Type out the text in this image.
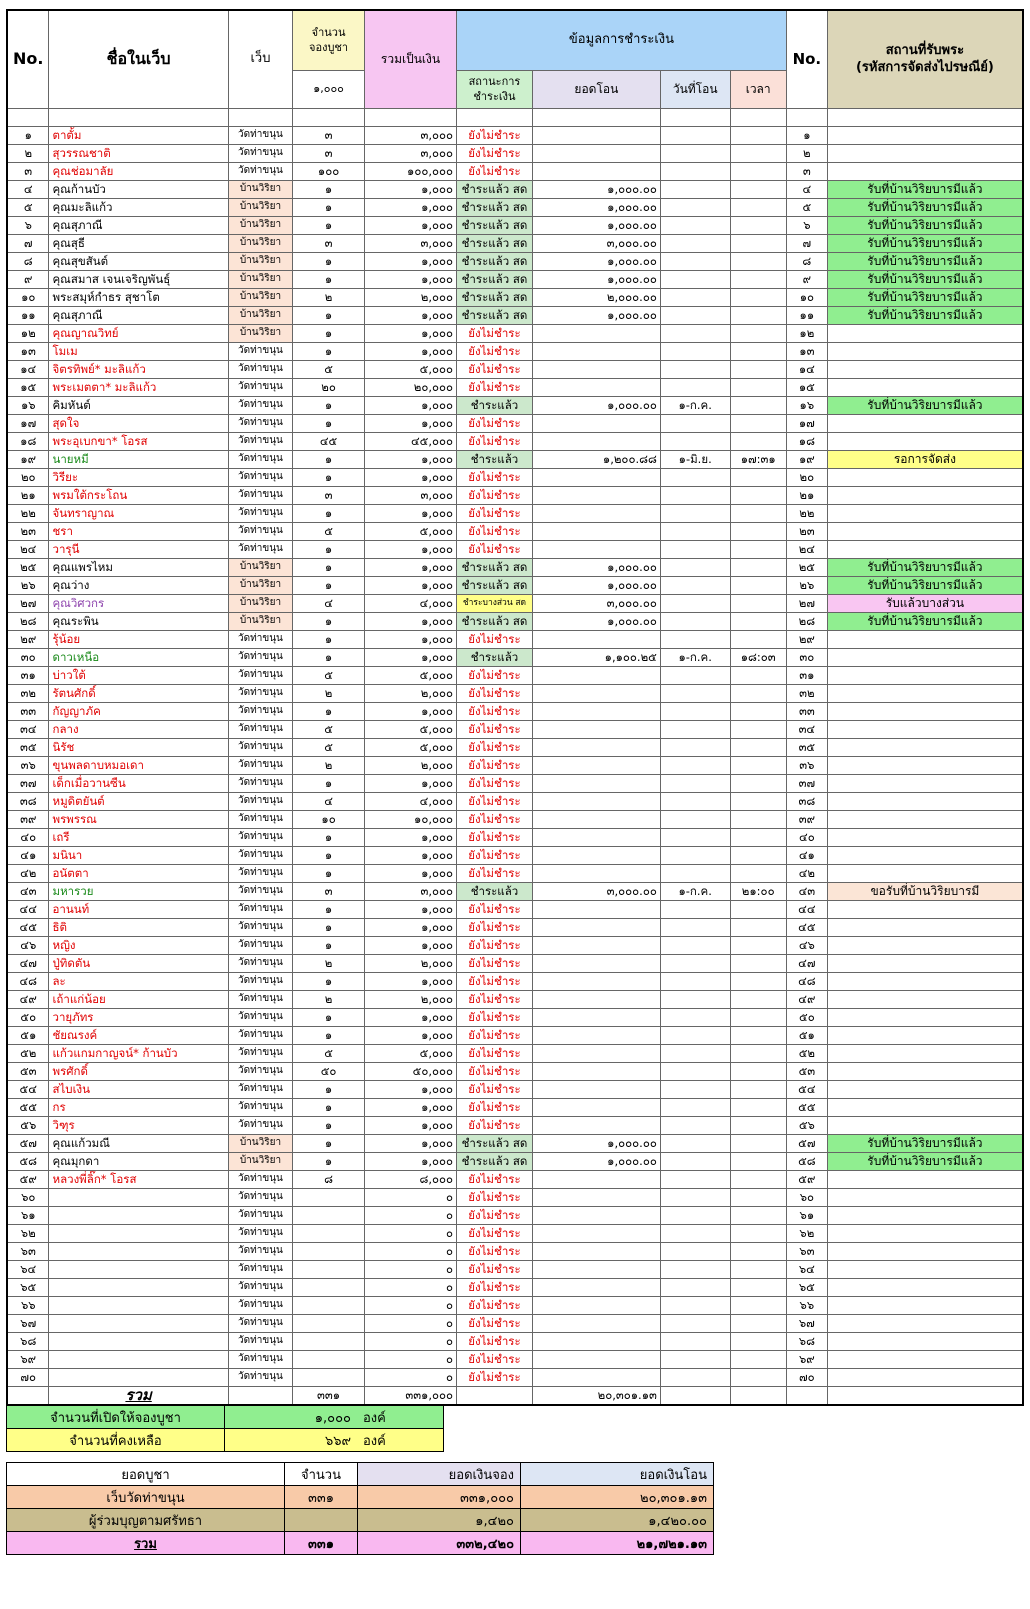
No.	ชื่อในเว็บ	เว็บ	จำนวน
จองบูชา	รวมเป็นเงิน	ข้อมูลการชำระเงิน				No.	สถานที่รับพระ
(รหัสการจัดส่งไปรษณีย์)
			๑,๐๐๐		สถานะการ
ชำระเงิน	ยอดโอน	วันที่โอน	เวลา		

๑	ตาตั้ม	วัดท่าขนุน	๓	๓,๐๐๐	ยังไม่ชำระ				๑	
๒	สุวรรณชาติ	วัดท่าขนุน	๓	๓,๐๐๐	ยังไม่ชำระ				๒	
๓	คุณช่อมาลัย	วัดท่าขนุน	๑๐๐	๑๐๐,๐๐๐	ยังไม่ชำระ				๓	
๔	คุณก้านบัว	บ้านวิริยา	๑	๑,๐๐๐	ชำระแล้ว สด	๑,๐๐๐.๐๐			๔	รับที่บ้านวิริยบารมีแล้ว
๕	คุณมะลิแก้ว	บ้านวิริยา	๑	๑,๐๐๐	ชำระแล้ว สด	๑,๐๐๐.๐๐			๕	รับที่บ้านวิริยบารมีแล้ว
๖	คุณสุภาณี	บ้านวิริยา	๑	๑,๐๐๐	ชำระแล้ว สด	๑,๐๐๐.๐๐			๖	รับที่บ้านวิริยบารมีแล้ว
๗	คุณสุธี	บ้านวิริยา	๓	๓,๐๐๐	ชำระแล้ว สด	๓,๐๐๐.๐๐			๗	รับที่บ้านวิริยบารมีแล้ว
๘	คุณสุขสันต์	บ้านวิริยา	๑	๑,๐๐๐	ชำระแล้ว สด	๑,๐๐๐.๐๐			๘	รับที่บ้านวิริยบารมีแล้ว
๙	คุณสมาส เจนเจริญพันธุ์	บ้านวิริยา	๑	๑,๐๐๐	ชำระแล้ว สด	๑,๐๐๐.๐๐			๙	รับที่บ้านวิริยบารมีแล้ว
๑๐	พระสมุห์กำธร สุชาโต	บ้านวิริยา	๒	๒,๐๐๐	ชำระแล้ว สด	๒,๐๐๐.๐๐			๑๐	รับที่บ้านวิริยบารมีแล้ว
๑๑	คุณสุภาณี	บ้านวิริยา	๑	๑,๐๐๐	ชำระแล้ว สด	๑,๐๐๐.๐๐			๑๑	รับที่บ้านวิริยบารมีแล้ว
๑๒	คุณญาณวิทย์	บ้านวิริยา	๑	๑,๐๐๐	ยังไม่ชำระ				๑๒	
๑๓	โมเม	วัดท่าขนุน	๑	๑,๐๐๐	ยังไม่ชำระ				๑๓	
๑๔	จิตรทิพย์* มะลิแก้ว	วัดท่าขนุน	๕	๕,๐๐๐	ยังไม่ชำระ				๑๔	
๑๕	พระเมตตา* มะลิแก้ว	วัดท่าขนุน	๒๐	๒๐,๐๐๐	ยังไม่ชำระ				๑๕	
๑๖	คิมหันต์	วัดท่าขนุน	๑	๑,๐๐๐	ชำระแล้ว	๑,๐๐๐.๐๐	๑-ก.ค.		๑๖	รับที่บ้านวิริยบารมีแล้ว
๑๗	สุดใจ	วัดท่าขนุน	๑	๑,๐๐๐	ยังไม่ชำระ				๑๗	
๑๘	พระอุเบกขา* โอรส	วัดท่าขนุน	๔๕	๔๕,๐๐๐	ยังไม่ชำระ				๑๘	
๑๙	นายหมี	วัดท่าขนุน	๑	๑,๐๐๐	ชำระแล้ว	๑,๒๐๐.๘๘	๑-มิ.ย.	๑๗:๓๑	๑๙	รอการจัดส่ง
๒๐	วิรียะ	วัดท่าขนุน	๑	๑,๐๐๐	ยังไม่ชำระ				๒๐	
๒๑	พรมใต้กระโถน	วัดท่าขนุน	๓	๓,๐๐๐	ยังไม่ชำระ				๒๑	
๒๒	จันทราญาณ	วัดท่าขนุน	๑	๑,๐๐๐	ยังไม่ชำระ				๒๒	
๒๓	ชรา	วัดท่าขนุน	๕	๕,๐๐๐	ยังไม่ชำระ				๒๓	
๒๔	วารุนี	วัดท่าขนุน	๑	๑,๐๐๐	ยังไม่ชำระ				๒๔	
๒๕	คุณแพรไหม	บ้านวิริยา	๑	๑,๐๐๐	ชำระแล้ว สด	๑,๐๐๐.๐๐			๒๕	รับที่บ้านวิริยบารมีแล้ว
๒๖	คุณว่าง	บ้านวิริยา	๑	๑,๐๐๐	ชำระแล้ว สด	๑,๐๐๐.๐๐			๒๖	รับที่บ้านวิริยบารมีแล้ว
๒๗	คุณวิศวกร	บ้านวิริยา	๔	๔,๐๐๐	ชำระบางส่วน สด	๓,๐๐๐.๐๐			๒๗	รับแล้วบางส่วน
๒๘	คุณระพิน	บ้านวิริยา	๑	๑,๐๐๐	ชำระแล้ว สด	๑,๐๐๐.๐๐			๒๘	รับที่บ้านวิริยบารมีแล้ว
๒๙	รุ้น้อย	วัดท่าขนุน	๑	๑,๐๐๐	ยังไม่ชำระ				๒๙	
๓๐	ดาวเหนือ	วัดท่าขนุน	๑	๑,๐๐๐	ชำระแล้ว	๑,๑๐๐.๒๕	๑-ก.ค.	๑๘:๐๓	๓๐	
๓๑	บ่าวใต้	วัดท่าขนุน	๕	๕,๐๐๐	ยังไม่ชำระ				๓๑	
๓๒	รัตนศักดิ์	วัดท่าขนุน	๒	๒,๐๐๐	ยังไม่ชำระ				๓๒	
๓๓	กัญญาภัค	วัดท่าขนุน	๑	๑,๐๐๐	ยังไม่ชำระ				๓๓	
๓๔	กลาง	วัดท่าขนุน	๕	๕,๐๐๐	ยังไม่ชำระ				๓๔	
๓๕	นิรัช	วัดท่าขนุน	๕	๕,๐๐๐	ยังไม่ชำระ				๓๕	
๓๖	ขุนพลดาบหมอเดา	วัดท่าขนุน	๒	๒,๐๐๐	ยังไม่ชำระ				๓๖	
๓๗	เด็กเมื่อวานซืน	วัดท่าขนุน	๑	๑,๐๐๐	ยังไม่ชำระ				๓๗	
๓๘	หมูดิตยันต์	วัดท่าขนุน	๔	๔,๐๐๐	ยังไม่ชำระ				๓๘	
๓๙	พรพรรณ	วัดท่าขนุน	๑๐	๑๐,๐๐๐	ยังไม่ชำระ				๓๙	
๔๐	เถรี	วัดท่าขนุน	๑	๑,๐๐๐	ยังไม่ชำระ				๔๐	
๔๑	มนินา	วัดท่าขนุน	๑	๑,๐๐๐	ยังไม่ชำระ				๔๑	
๔๒	อนัตตา	วัดท่าขนุน	๑	๑,๐๐๐	ยังไม่ชำระ				๔๒	
๔๓	มหารวย	วัดท่าขนุน	๓	๓,๐๐๐	ชำระแล้ว	๓,๐๐๐.๐๐	๑-ก.ค.	๒๑:๐๐	๔๓	ขอรับที่บ้านวิริยบารมี
๔๔	อานนท์	วัดท่าขนุน	๑	๑,๐๐๐	ยังไม่ชำระ				๔๔	
๔๕	ธิติ	วัดท่าขนุน	๑	๑,๐๐๐	ยังไม่ชำระ				๔๕	
๔๖	หญิง	วัดท่าขนุน	๑	๑,๐๐๐	ยังไม่ชำระ				๔๖	
๔๗	ปู่ทิดตัน	วัดท่าขนุน	๒	๒,๐๐๐	ยังไม่ชำระ				๔๗	
๔๘	ละ	วัดท่าขนุน	๑	๑,๐๐๐	ยังไม่ชำระ				๔๘	
๔๙	เถ้าแก่น้อย	วัดท่าขนุน	๒	๒,๐๐๐	ยังไม่ชำระ				๔๙	
๕๐	วายุภัทร	วัดท่าขนุน	๑	๑,๐๐๐	ยังไม่ชำระ				๕๐	
๕๑	ชัยณรงค์	วัดท่าขนุน	๑	๑,๐๐๐	ยังไม่ชำระ				๕๑	
๕๒	แก้วแกมกาญจน์* ก้านบัว	วัดท่าขนุน	๕	๕,๐๐๐	ยังไม่ชำระ				๕๒	
๕๓	พรศักดิ์	วัดท่าขนุน	๕๐	๕๐,๐๐๐	ยังไม่ชำระ				๕๓	
๕๔	สไบเงิน	วัดท่าขนุน	๑	๑,๐๐๐	ยังไม่ชำระ				๕๔	
๕๕	กร	วัดท่าขนุน	๑	๑,๐๐๐	ยังไม่ชำระ				๕๕	
๕๖	วิฑุร	วัดท่าขนุน	๑	๑,๐๐๐	ยังไม่ชำระ				๕๖	
๕๗	คุณแก้วมณี	บ้านวิริยา	๑	๑,๐๐๐	ชำระแล้ว สด	๑,๐๐๐.๐๐			๕๗	รับที่บ้านวิริยบารมีแล้ว
๕๘	คุณมุกดา	บ้านวิริยา	๑	๑,๐๐๐	ชำระแล้ว สด	๑,๐๐๐.๐๐			๕๘	รับที่บ้านวิริยบารมีแล้ว
๕๙	หลวงพี่ลิ๊ก* โอรส	วัดท่าขนุน	๘	๘,๐๐๐	ยังไม่ชำระ				๕๙	
๖๐		วัดท่าขนุน		๐	ยังไม่ชำระ				๖๐	
๖๑		วัดท่าขนุน		๐	ยังไม่ชำระ				๖๑	
๖๒		วัดท่าขนุน		๐	ยังไม่ชำระ				๖๒	
๖๓		วัดท่าขนุน		๐	ยังไม่ชำระ				๖๓	
๖๔		วัดท่าขนุน		๐	ยังไม่ชำระ				๖๔	
๖๕		วัดท่าขนุน		๐	ยังไม่ชำระ				๖๕	
๖๖		วัดท่าขนุน		๐	ยังไม่ชำระ				๖๖	
๖๗		วัดท่าขนุน		๐	ยังไม่ชำระ				๖๗	
๖๘		วัดท่าขนุน		๐	ยังไม่ชำระ				๖๘	
๖๙		วัดท่าขนุน		๐	ยังไม่ชำระ				๖๙	
๗๐		วัดท่าขนุน		๐	ยังไม่ชำระ				๗๐	
	รวม		๓๓๑	๓๓๑,๐๐๐		๒๐,๓๐๑.๑๓				
จำนวนที่เปิดให้จองบูชา	๑,๐๐๐	องค์
จำนวนที่คงเหลือ	๖๖๙	องค์
ยอดบูชา	จำนวน	ยอดเงินจอง	ยอดเงินโอน
เว็บวัดท่าขนุน	๓๓๑	๓๓๑,๐๐๐	๒๐,๓๐๑.๑๓
ผู้ร่วมบุญตามศรัทธา		๑,๔๒๐	๑,๔๒๐.๐๐
รวม	๓๓๑	๓๓๒,๔๒๐	๒๑,๗๒๑.๑๓
